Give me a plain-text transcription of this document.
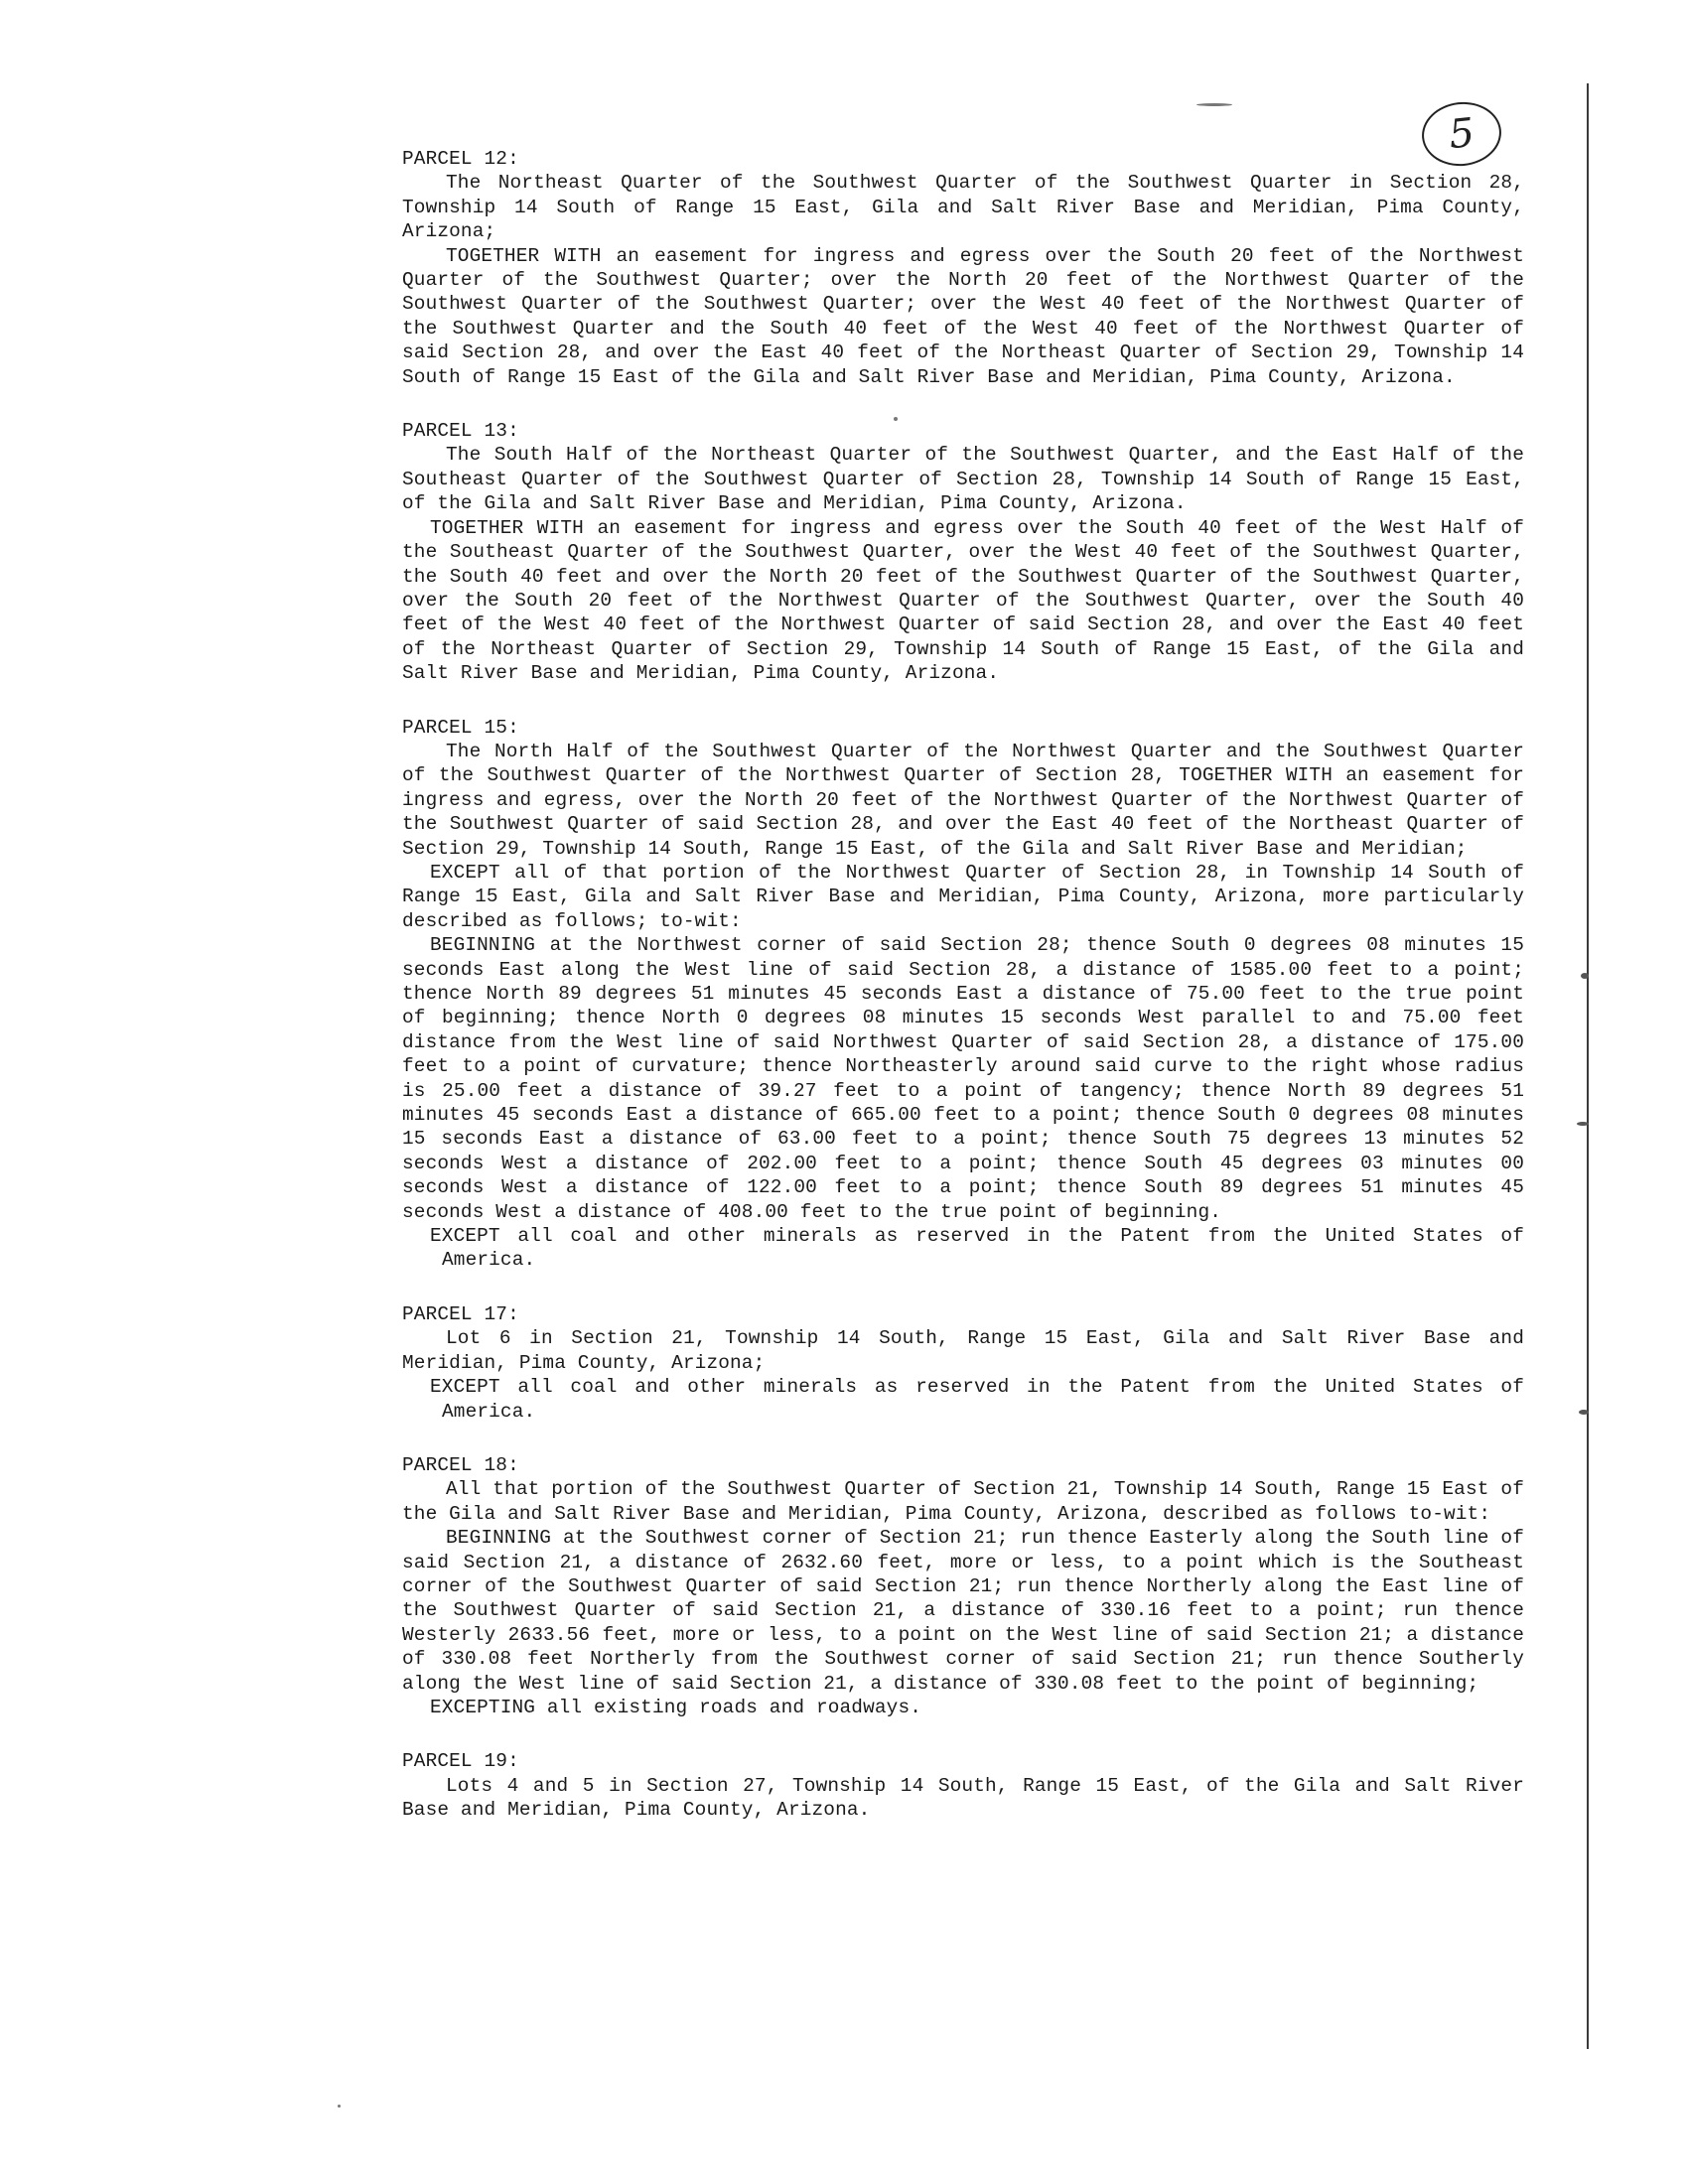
5
PARCEL 12:

The Northeast Quarter of the Southwest Quarter of the Southwest Quarter in Section 28, Township 14 South of Range 15 East, Gila and Salt River Base and Meridian, Pima County, Arizona;

TOGETHER WITH an easement for ingress and egress over the South 20 feet of the Northwest Quarter of the Southwest Quarter; over the North 20 feet of the Northwest Quarter of the Southwest Quarter of the Southwest Quarter; over the West 40 feet of the Northwest Quarter of the Southwest Quarter and the South 40 feet of the West 40 feet of the Northwest Quarter of said Section 28, and over the East 40 feet of the Northeast Quarter of Section 29, Township 14 South of Range 15 East of the Gila and Salt River Base and Meridian, Pima County, Arizona.

PARCEL 13:

The South Half of the Northeast Quarter of the Southwest Quarter, and the East Half of the Southeast Quarter of the Southwest Quarter of Section 28, Township 14 South of Range 15 East, of the Gila and Salt River Base and Meridian, Pima County, Arizona.

TOGETHER WITH an easement for ingress and egress over the South 40 feet of the West Half of the Southeast Quarter of the Southwest Quarter, over the West 40 feet of the Southwest Quarter, the South 40 feet and over the North 20 feet of the Southwest Quarter of the Southwest Quarter, over the South 20 feet of the Northwest Quarter of the Southwest Quarter, over the South 40 feet of the West 40 feet of the Northwest Quarter of said Section 28, and over the East 40 feet of the Northeast Quarter of Section 29, Township 14 South of Range 15 East, of the Gila and Salt River Base and Meridian, Pima County, Arizona.

PARCEL 15:

The North Half of the Southwest Quarter of the Northwest Quarter and the Southwest Quarter of the Southwest Quarter of the Northwest Quarter of Section 28, TOGETHER WITH an easement for ingress and egress, over the North 20 feet of the Northwest Quarter of the Northwest Quarter of the Southwest Quarter of said Section 28, and over the East 40 feet of the Northeast Quarter of Section 29, Township 14 South, Range 15 East, of the Gila and Salt River Base and Meridian;

EXCEPT all of that portion of the Northwest Quarter of Section 28, in Township 14 South of Range 15 East, Gila and Salt River Base and Meridian, Pima County, Arizona, more particularly described as follows; to-wit:

BEGINNING at the Northwest corner of said Section 28; thence South 0 degrees 08 minutes 15 seconds East along the West line of said Section 28, a distance of 1585.00 feet to a point; thence North 89 degrees 51 minutes 45 seconds East a distance of 75.00 feet to the true point of beginning; thence North 0 degrees 08 minutes 15 seconds West parallel to and 75.00 feet distance from the West line of said Northwest Quarter of said Section 28, a distance of 175.00 feet to a point of curvature; thence Northeasterly around said curve to the right whose radius is 25.00 feet a distance of 39.27 feet to a point of tangency; thence North 89 degrees 51 minutes 45 seconds East a distance of 665.00 feet to a point; thence South 0 degrees 08 minutes 15 seconds East a distance of 63.00 feet to a point; thence South 75 degrees 13 minutes 52 seconds West a distance of 202.00 feet to a point; thence South 45 degrees 03 minutes 00 seconds West a distance of 122.00 feet to a point; thence South 89 degrees 51 minutes 45 seconds West a distance of 408.00 feet to the true point of beginning.

EXCEPT all coal and other minerals as reserved in the Patent from the United States of America.

PARCEL 17:

Lot 6 in Section 21, Township 14 South, Range 15 East, Gila and Salt River Base and Meridian, Pima County, Arizona;

EXCEPT all coal and other minerals as reserved in the Patent from the United States of America.

PARCEL 18:

All that portion of the Southwest Quarter of Section 21, Township 14 South, Range 15 East of the Gila and Salt River Base and Meridian, Pima County, Arizona, described as follows to-wit:

BEGINNING at the Southwest corner of Section 21; run thence Easterly along the South line of said Section 21, a distance of 2632.60 feet, more or less, to a point which is the Southeast corner of the Southwest Quarter of said Section 21; run thence Northerly along the East line of the Southwest Quarter of said Section 21, a distance of 330.16 feet to a point; run thence Westerly 2633.56 feet, more or less, to a point on the West line of said Section 21; a distance of 330.08 feet Northerly from the Southwest corner of said Section 21; run thence Southerly along the West line of said Section 21, a distance of 330.08 feet to the point of beginning;

EXCEPTING all existing roads and roadways.

PARCEL 19:

Lots 4 and 5 in Section 27, Township 14 South, Range 15 East, of the Gila and Salt River Base and Meridian, Pima County, Arizona.
